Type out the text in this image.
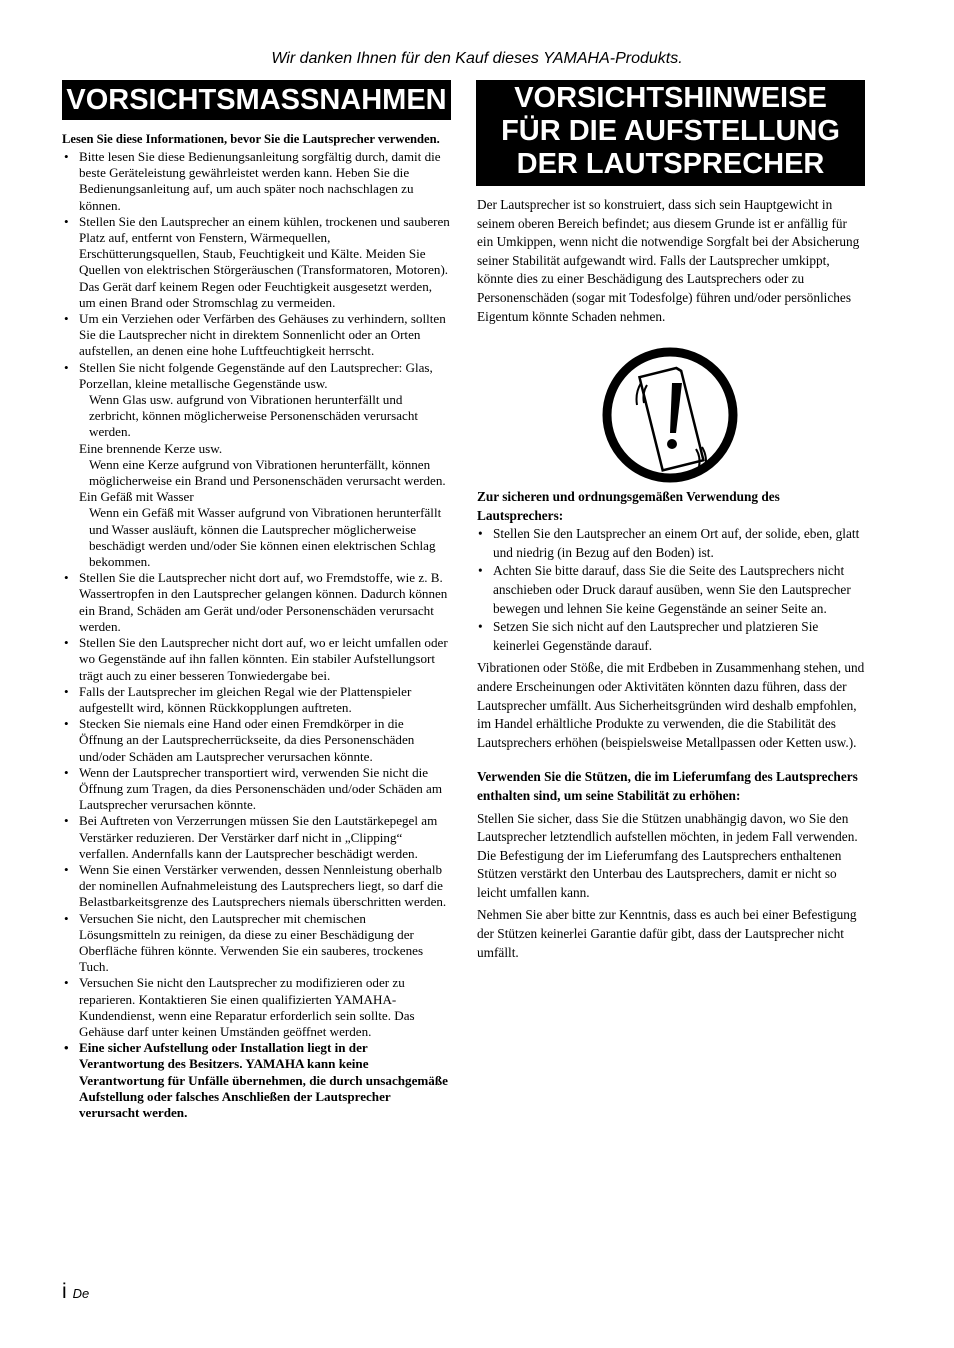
Wir danken Ihnen für den Kauf dieses YAMAHA-Produkts.
VORSICHTSMASSNAHMEN	VORSICHTSHINWEISE
FÜR DIE AUFSTELLUNG
DER LAUTSPRECHER

Lesen Sie diese Informationen, bevor Sie die Lautsprecher verwenden.

• Bitte lesen Sie diese Bedienungsanleitung sorgfältig durch, damit die beste Geräteleistung gewährleistet werden kann. Heben Sie die Bedienungsanleitung auf, um auch später noch nachschlagen zu können.
• Stellen Sie den Lautsprecher an einem kühlen, trockenen und sauberen Platz auf, entfernt von Fenstern, Wärmequellen, Erschütterungsquellen, Staub, Feuchtigkeit und Kälte. Meiden Sie Quellen von elektrischen Störgeräuschen (Transformatoren, Motoren). Das Gerät darf keinem Regen oder Feuchtigkeit ausgesetzt werden, um einen Brand oder Stromschlag zu vermeiden.
• Um ein Verziehen oder Verfärben des Gehäuses zu verhindern, sollten Sie die Lautsprecher nicht in direktem Sonnenlicht oder an Orten aufstellen, an denen eine hohe Luftfeuchtigkeit herrscht.
• Stellen Sie nicht folgende Gegenstände auf den Lautsprecher: Glas, Porzellan, kleine metallische Gegenstände usw.
Wenn Glas usw. aufgrund von Vibrationen herunterfällt und zerbricht, können möglicherweise Personenschäden verursacht werden.
Eine brennende Kerze usw.
Wenn eine Kerze aufgrund von Vibrationen herunterfällt, können möglicherweise ein Brand und Personenschäden verursacht werden.
Ein Gefäß mit Wasser
Wenn ein Gefäß mit Wasser aufgrund von Vibrationen herunterfällt und Wasser ausläuft, können die Lautsprecher möglicherweise beschädigt werden und/oder Sie können einen elektrischen Schlag bekommen.
• Stellen Sie die Lautsprecher nicht dort auf, wo Fremdstoffe, wie z. B. Wassertropfen in den Lautsprecher gelangen können. Dadurch können ein Brand, Schäden am Gerät und/oder Personenschäden verursacht werden.
• Stellen Sie den Lautsprecher nicht dort auf, wo er leicht umfallen oder wo Gegenstände auf ihn fallen könnten. Ein stabiler Aufstellungsort trägt auch zu einer besseren Tonwiedergabe bei.
• Falls der Lautsprecher im gleichen Regal wie der Plattenspieler aufgestellt wird, können Rückkopplungen auftreten.
• Stecken Sie niemals eine Hand oder einen Fremdkörper in die Öffnung an der Lautsprecherrückseite, da dies Personenschäden und/oder Schäden am Lautsprecher verursachen könnte.
• Wenn der Lautsprecher transportiert wird, verwenden Sie nicht die Öffnung zum Tragen, da dies Personenschäden und/oder Schäden am Lautsprecher verursachen könnte.
• Bei Auftreten von Verzerrungen müssen Sie den Lautstärkepegel am Verstärker reduzieren. Der Verstärker darf nicht in „Clipping“ verfallen. Andernfalls kann der Lautsprecher beschädigt werden.
• Wenn Sie einen Verstärker verwenden, dessen Nennleistung oberhalb der nominellen Aufnahmeleistung des Lautsprechers liegt, so darf die Belastbarkeitsgrenze des Lautsprechers niemals überschritten werden.
• Versuchen Sie nicht, den Lautsprecher mit chemischen Lösungsmitteln zu reinigen, da diese zu einer Beschädigung der Oberfläche führen könnte. Verwenden Sie ein sauberes, trockenes Tuch.
• Versuchen Sie nicht den Lautsprecher zu modifizieren oder zu reparieren. Kontaktieren Sie einen qualifizierten YAMAHA-Kundendienst, wenn eine Reparatur erforderlich sein sollte. Das Gehäuse darf unter keinen Umständen geöffnet werden.
• Eine sicher Aufstellung oder Installation liegt in der Verantwortung des Besitzers. YAMAHA kann keine Verantwortung für Unfälle übernehmen, die durch unsachgemäße Aufstellung oder falsches Anschließen der Lautsprecher verursacht werden.

Der Lautsprecher ist so konstruiert, dass sich sein Hauptgewicht in seinem oberen Bereich befindet; aus diesem Grunde ist er anfällig für ein Umkippen, wenn nicht die notwendige Sorgfalt bei der Absicherung seiner Stabilität aufgewandt wird. Falls der Lautsprecher umkippt, könnte dies zu einer Beschädigung des Lautsprechers oder zu Personenschäden (sogar mit Todesfolge) führen und/oder persönliches Eigentum könnte Schaden nehmen.

Zur sicheren und ordnungsgemäßen Verwendung des Lautsprechers:

• Stellen Sie den Lautsprecher an einem Ort auf, der solide, eben, glatt und niedrig (in Bezug auf den Boden) ist.
• Achten Sie bitte darauf, dass Sie die Seite des Lautsprechers nicht anschieben oder Druck darauf ausüben, wenn Sie den Lautsprecher bewegen und lehnen Sie keine Gegenstände an seiner Seite an.
• Setzen Sie sich nicht auf den Lautsprecher und platzieren Sie keinerlei Gegenstände darauf.

Vibrationen oder Stöße, die mit Erdbeben in Zusammenhang stehen, und andere Erscheinungen oder Aktivitäten könnten dazu führen, dass der Lautsprecher umfällt. Aus Sicherheitsgründen wird deshalb empfohlen, im Handel erhältliche Produkte zu verwenden, die die Stabilität des Lautsprechers erhöhen (beispielsweise Metallpassen oder Ketten usw.).

Verwenden Sie die Stützen, die im Lieferumfang des Lautsprechers enthalten sind, um seine Stabilität zu erhöhen:

Stellen Sie sicher, dass Sie die Stützen unabhängig davon, wo Sie den Lautsprecher letztendlich aufstellen möchten, in jedem Fall verwenden. Die Befestigung der im Lieferumfang des Lautsprechers enthaltenen Stützen verstärkt den Unterbau des Lautsprechers, damit er nicht so leicht umfallen kann.

Nehmen Sie aber bitte zur Kenntnis, dass es auch bei einer Befestigung der Stützen keinerlei Garantie dafür gibt, dass der Lautsprecher nicht umfällt.

i De
